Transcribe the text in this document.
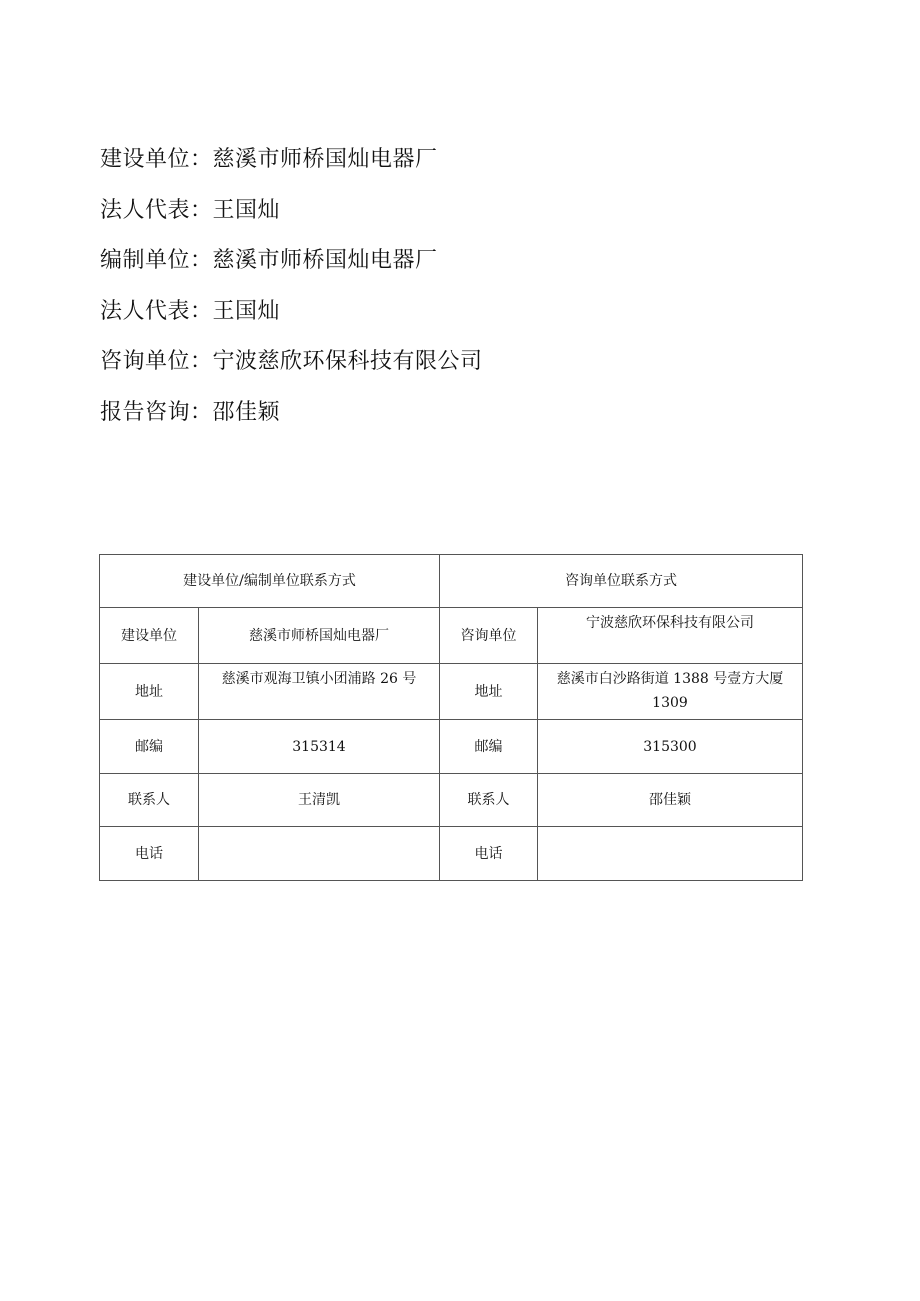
建设单位：慈溪市师桥国灿电器厂
法人代表：王国灿
编制单位：慈溪市师桥国灿电器厂
法人代表：王国灿
咨询单位：宁波慈欣环保科技有限公司
报告咨询：邵佳颖
建设单位/编制单位联系方式		咨询单位联系方式	
建设单位	慈溪市师桥国灿电器厂	咨询单位	宁波慈欣环保科技有限公司
地址	慈溪市观海卫镇小团浦路 26 号	地址	慈溪市白沙路街道 1388 号壹方大厦 1309
邮编	315314	邮编	315300
联系人	王清凯	联系人	邵佳颖
电话		电话	
